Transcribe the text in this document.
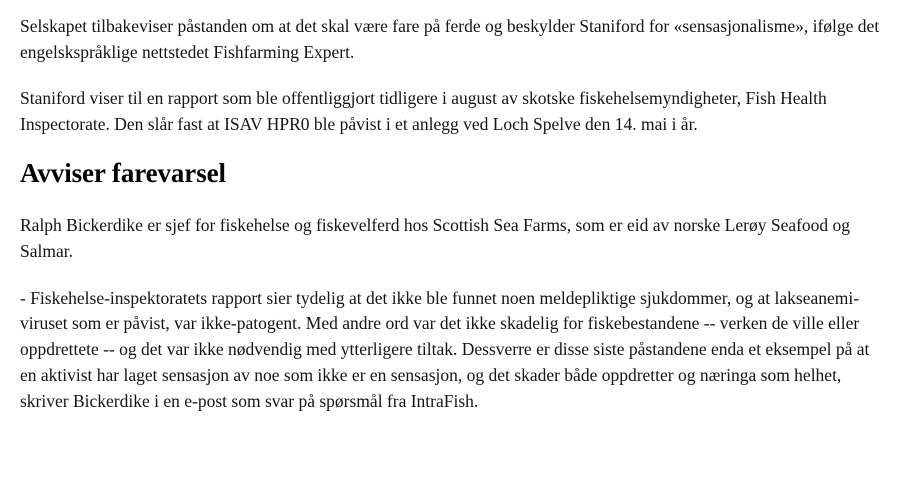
Selskapet tilbakeviser påstanden om at det skal være fare på ferde og beskylder Staniford for «sensasjonalisme», ifølge det engelskspråklige nettstedet Fishfarming Expert.

Staniford viser til en rapport som ble offentliggjort tidligere i august av skotske fiskehelsemyndigheter, Fish Health Inspectorate. Den slår fast at ISAV HPR0 ble påvist i et anlegg ved Loch Spelve den 14. mai i år.

Avviser farevarsel

Ralph Bickerdike er sjef for fiskehelse og fiskevelferd hos Scottish Sea Farms, som er eid av norske Lerøy Seafood og Salmar.

- Fiskehelse-inspektoratets rapport sier tydelig at det ikke ble funnet noen meldepliktige sjukdommer, og at lakseanemi-viruset som er påvist, var ikke-patogent. Med andre ord var det ikke skadelig for fiskebestandene -- verken de ville eller oppdrettete -- og det var ikke nødvendig med ytterligere tiltak. Dessverre er disse siste påstandene enda et eksempel på at en aktivist har laget sensasjon av noe som ikke er en sensasjon, og det skader både oppdretter og næringa som helhet, skriver Bickerdike i en e-post som svar på spørsmål fra IntraFish.
